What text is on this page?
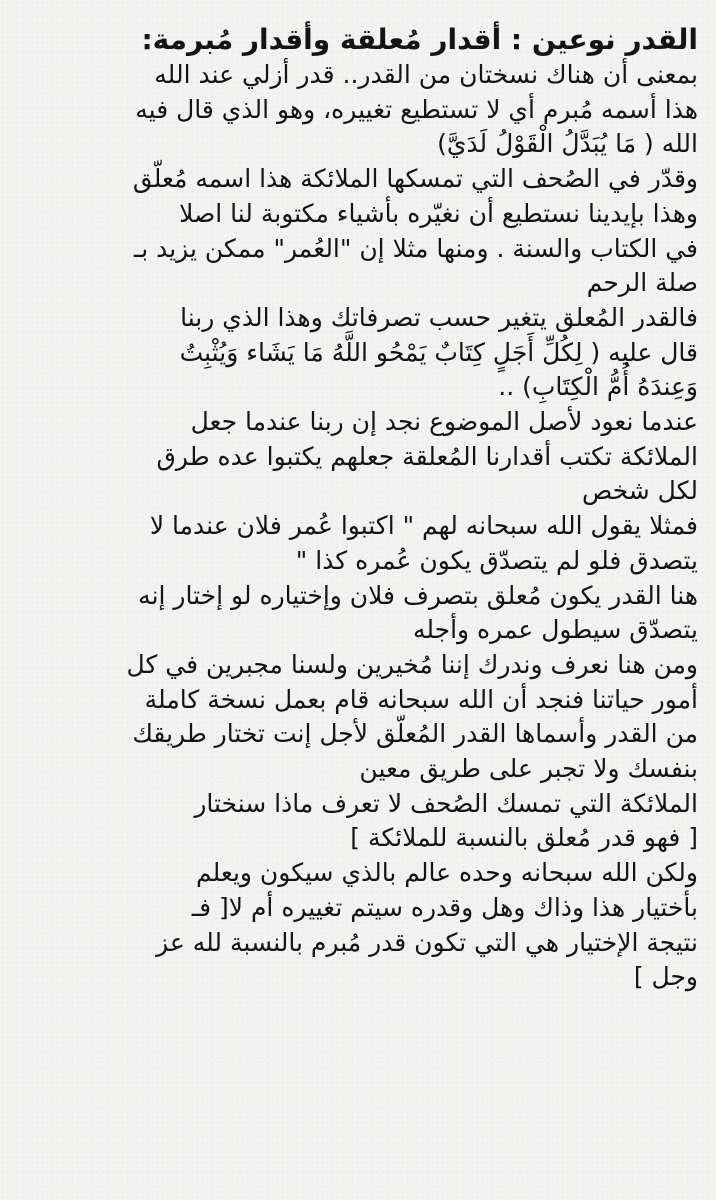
القدر نوعين : أقدار مُعلقة وأقدار مُبرمة:
بمعنى أن هناك نسختان من القدر.. قدر أزلي عند الله
هذا أسمه مُبرم أي لا تستطيع تغييره، وهو الذي قال فيه
الله ( مَا يُبَدَّلُ الْقَوْلُ لَدَيَّ)
وقدّر في الصُحف التي تمسكها الملائكة هذا اسمه مُعلّق
وهذا بإيدينا نستطيع أن نغيّره بأشياء مكتوبة لنا اصلا
في الكتاب والسنة . ومنها مثلا إن "العُمر" ممكن يزيد بـ
صلة الرحم
فالقدر المُعلق يتغير حسب تصرفاتك وهذا الذي ربنا
قال عليه ( لِكُلِّ أَجَلٍ كِتَابٌ يَمْحُو اللَّهُ مَا يَشَاء وَيُثْبِتُ
وَعِندَهُ أُمُّ الْكِتَابِ) ..
عندما نعود لأصل الموضوع نجد إن ربنا عندما جعل
الملائكة تكتب أقدارنا المُعلقة جعلهم يكتبوا عده طرق
لكل شخص
فمثلا يقول الله سبحانه لهم " اكتبوا عُمر فلان عندما لا
يتصدق فلو لم يتصدّق يكون عُمره كذا "
هنا القدر يكون مُعلق بتصرف فلان وإختياره لو إختار إنه
يتصدّق سيطول عمره وأجله
ومن هنا نعرف وندرك إننا مُخيرين ولسنا مجبرين في كل
أمور حياتنا فنجد أن الله سبحانه قام بعمل نسخة كاملة
من القدر وأسماها القدر المُعلّق لأجل إنت تختار طريقك
بنفسك ولا تجبر على طريق معين
الملائكة التي تمسك الصُحف لا تعرف ماذا سنختار
[ فهو قدر مُعلق بالنسبة للملائكة ]
ولكن الله سبحانه وحده عالم بالذي سيكون ويعلم
بأختيار هذا وذاك وهل وقدره سيتم تغييره أم لا[ فـ
نتيجة الإختيار هي التي تكون قدر مُبرم بالنسبة لله عز
وجل ]
